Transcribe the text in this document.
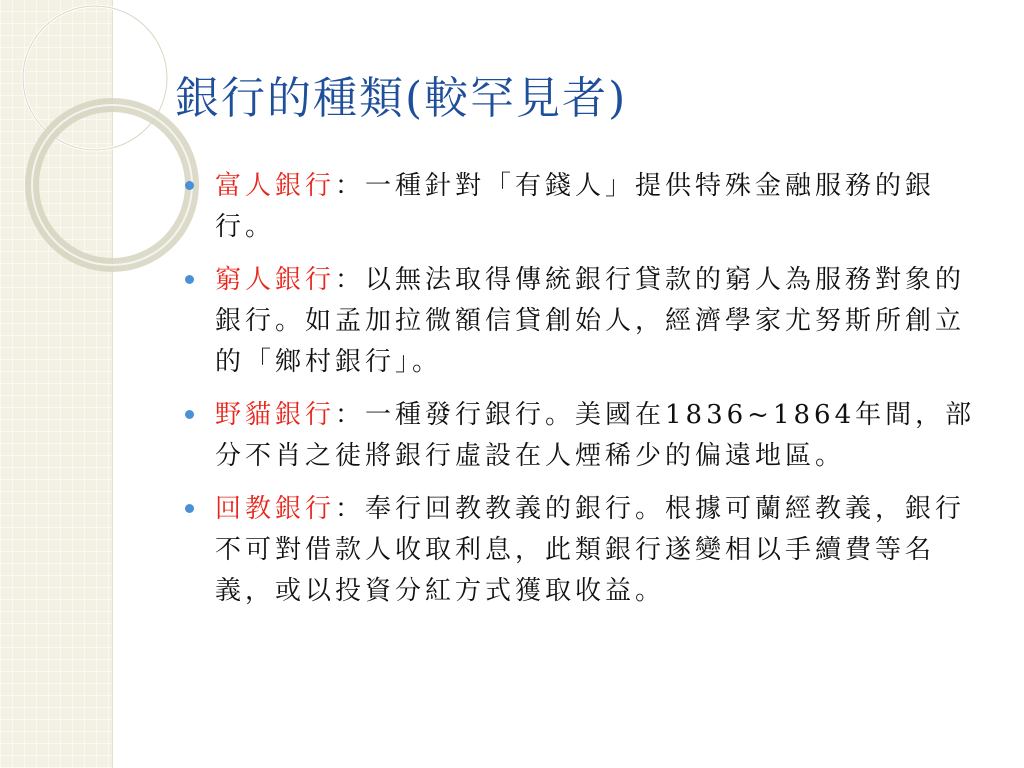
銀行的種類(較罕見者)
富人銀行：一種針對「有錢人」提供特殊金融服務的銀行。
窮人銀行：以無法取得傳統銀行貸款的窮人為服務對象的銀行。如孟加拉微額信貸創始人，經濟學家尤努斯所創立的「鄉村銀行」。
野貓銀行：一種發行銀行。美國在1836~1864年間，部分不肖之徒將銀行虛設在人煙稀少的偏遠地區。
回教銀行：奉行回教教義的銀行。根據可蘭經教義，銀行不可對借款人收取利息，此類銀行遂變相以手續費等名義，或以投資分紅方式獲取收益。
